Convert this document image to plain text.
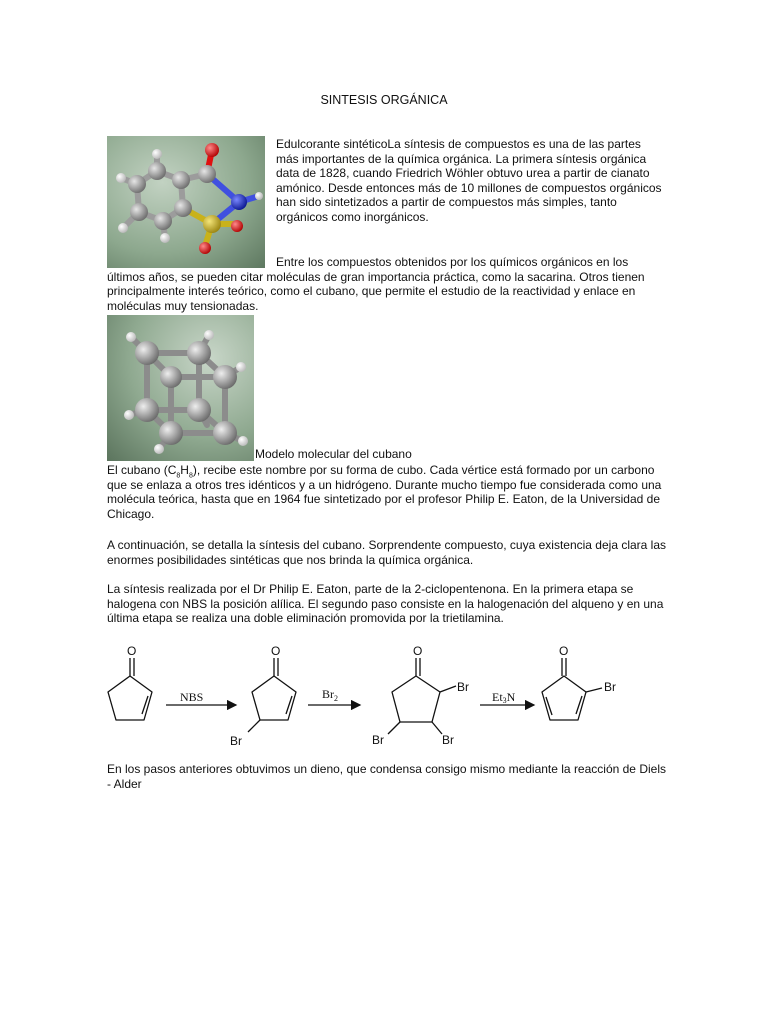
SINTESIS ORGÁNICA

Edulcorante sintéticoLa síntesis de compuestos es una de las partes más importantes de la química orgánica. La primera síntesis orgánica data de 1828, cuando Friedrich Wöhler obtuvo urea a partir de cianato amónico. Desde entonces más de 10 millones de compuestos orgánicos han sido sintetizados a partir de compuestos más simples, tanto orgánicos como inorgánicos.

Entre los compuestos obtenidos por los químicos orgánicos en los últimos años, se pueden citar moléculas de gran importancia práctica, como la sacarina. Otros tienen principalmente interés teórico, como el cubano, que permite el estudio de la reactividad y enlace en moléculas muy tensionadas.

Modelo molecular del cubano

El cubano $(C_8H_8)$, recibe este nombre por su forma de cubo. Cada vértice está formado por un carbono que se enlaza a otros tres idénticos y a un hidrógeno. Durante mucho tiempo fue considerada como una molécula teórica, hasta que en 1964 fue sintetizado por el profesor Philip E. Eaton, de la Universidad de Chicago.

A continuación, se detalla la síntesis del cubano. Sorprendente compuesto, cuya existencia deja clara las enormes posibilidades sintéticas que nos brinda la química orgánica.

La síntesis realizada por el Dr Philip E. Eaton, parte de la 2-ciclopentenona. En la primera etapa se halogena con NBS la posición alílica. El segundo paso consiste en la halogenación del alqueno y en una última etapa se realiza una doble eliminación promovida por la trietilamina.

O	O	O	O
Br
Br
Br	Br
Br
NBS	$Br_2$	Et3N

En los pasos anteriores obtuvimos un dieno, que condensa consigo mismo mediante la reacción de Diels - Alder
